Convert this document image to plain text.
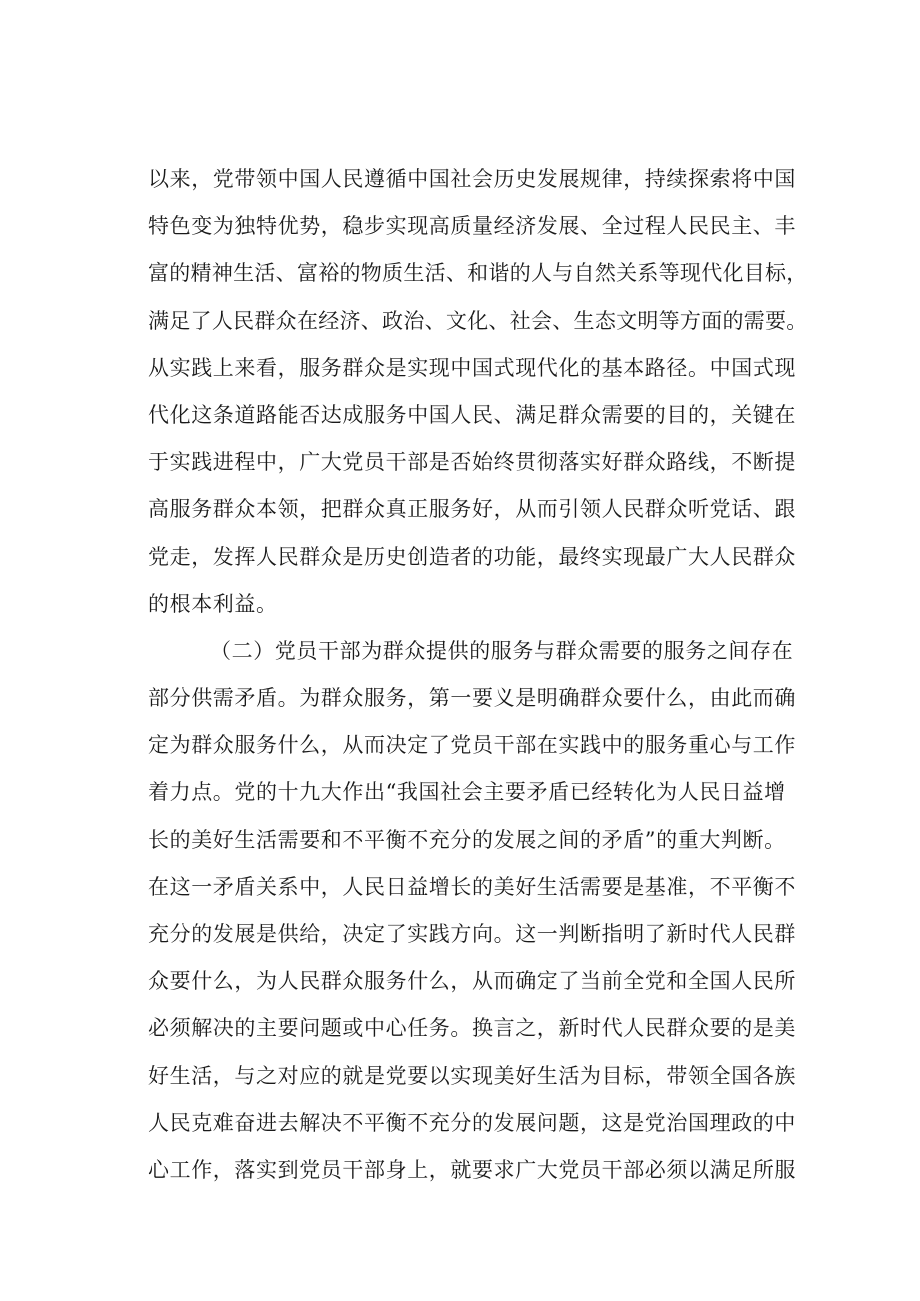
以来，党带领中国人民遵循中国社会历史发展规律，持续探索将中国
特色变为独特优势，稳步实现高质量经济发展、全过程人民民主、丰
富的精神生活、富裕的物质生活、和谐的人与自然关系等现代化目标，
满足了人民群众在经济、政治、文化、社会、生态文明等方面的需要。
从实践上来看，服务群众是实现中国式现代化的基本路径。中国式现
代化这条道路能否达成服务中国人民、满足群众需要的目的，关键在
于实践进程中，广大党员干部是否始终贯彻落实好群众路线，不断提
高服务群众本领，把群众真正服务好，从而引领人民群众听党话、跟
党走，发挥人民群众是历史创造者的功能，最终实现最广大人民群众
的根本利益。
（二）党员干部为群众提供的服务与群众需要的服务之间存在
部分供需矛盾。为群众服务，第一要义是明确群众要什么，由此而确
定为群众服务什么，从而决定了党员干部在实践中的服务重心与工作
着力点。党的十九大作出“我国社会主要矛盾已经转化为人民日益增
长的美好生活需要和不平衡不充分的发展之间的矛盾”的重大判断。
在这一矛盾关系中，人民日益增长的美好生活需要是基准，不平衡不
充分的发展是供给，决定了实践方向。这一判断指明了新时代人民群
众要什么，为人民群众服务什么，从而确定了当前全党和全国人民所
必须解决的主要问题或中心任务。换言之，新时代人民群众要的是美
好生活，与之对应的就是党要以实现美好生活为目标，带领全国各族
人民克难奋进去解决不平衡不充分的发展问题，这是党治国理政的中
心工作，落实到党员干部身上，就要求广大党员干部必须以满足所服
